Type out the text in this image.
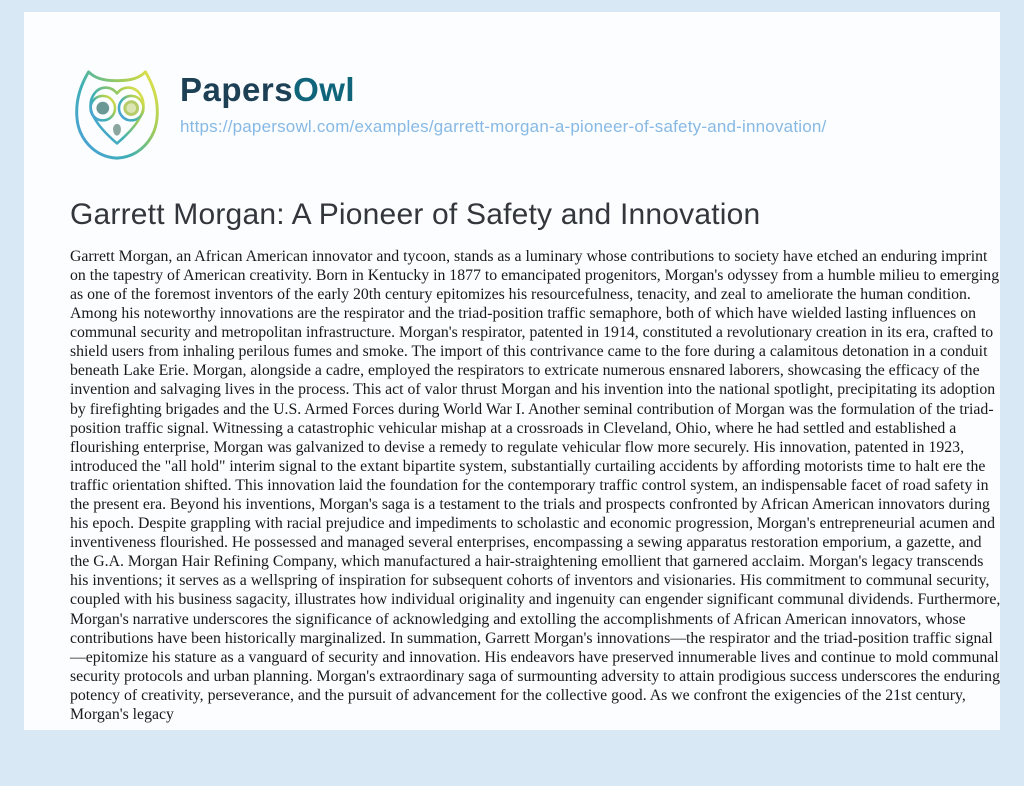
PapersOwl
https://papersowl.com/examples/garrett-morgan-a-pioneer-of-safety-and-innovation/
Garrett Morgan: A Pioneer of Safety and Innovation

Garrett Morgan, an African American innovator and tycoon, stands as a luminary whose contributions to society have etched an enduring imprint on the tapestry of American creativity. Born in Kentucky in 1877 to emancipated progenitors, Morgan's odyssey from a humble milieu to emerging as one of the foremost inventors of the early 20th century epitomizes his resourcefulness, tenacity, and zeal to ameliorate the human condition. Among his noteworthy innovations are the respirator and the triad-position traffic semaphore, both of which have wielded lasting influences on communal security and metropolitan infrastructure. Morgan's respirator, patented in 1914, constituted a revolutionary creation in its era, crafted to shield users from inhaling perilous fumes and smoke. The import of this contrivance came to the fore during a calamitous detonation in a conduit beneath Lake Erie. Morgan, alongside a cadre, employed the respirators to extricate numerous ensnared laborers, showcasing the efficacy of the invention and salvaging lives in the process. This act of valor thrust Morgan and his invention into the national spotlight, precipitating its adoption by firefighting brigades and the U.S. Armed Forces during World War I. Another seminal contribution of Morgan was the formulation of the triad-position traffic signal. Witnessing a catastrophic vehicular mishap at a crossroads in Cleveland, Ohio, where he had settled and established a flourishing enterprise, Morgan was galvanized to devise a remedy to regulate vehicular flow more securely. His innovation, patented in 1923, introduced the "all hold" interim signal to the extant bipartite system, substantially curtailing accidents by affording motorists time to halt ere the traffic orientation shifted. This innovation laid the foundation for the contemporary traffic control system, an indispensable facet of road safety in the present era. Beyond his inventions, Morgan's saga is a testament to the trials and prospects confronted by African American innovators during his epoch. Despite grappling with racial prejudice and impediments to scholastic and economic progression, Morgan's entrepreneurial acumen and inventiveness flourished. He possessed and managed several enterprises, encompassing a sewing apparatus restoration emporium, a gazette, and the G.A. Morgan Hair Refining Company, which manufactured a hair-straightening emollient that garnered acclaim. Morgan's legacy transcends his inventions; it serves as a wellspring of inspiration for subsequent cohorts of inventors and visionaries. His commitment to communal security, coupled with his business sagacity, illustrates how individual originality and ingenuity can engender significant communal dividends. Furthermore, Morgan's narrative underscores the significance of acknowledging and extolling the accomplishments of African American innovators, whose contributions have been historically marginalized. In summation, Garrett Morgan's innovations—the respirator and the triad-position traffic signal—epitomize his stature as a vanguard of security and innovation. His endeavors have preserved innumerable lives and continue to mold communal security protocols and urban planning. Morgan's extraordinary saga of surmounting adversity to attain prodigious success underscores the enduring potency of creativity, perseverance, and the pursuit of advancement for the collective good. As we confront the exigencies of the 21st century, Morgan's legacy
